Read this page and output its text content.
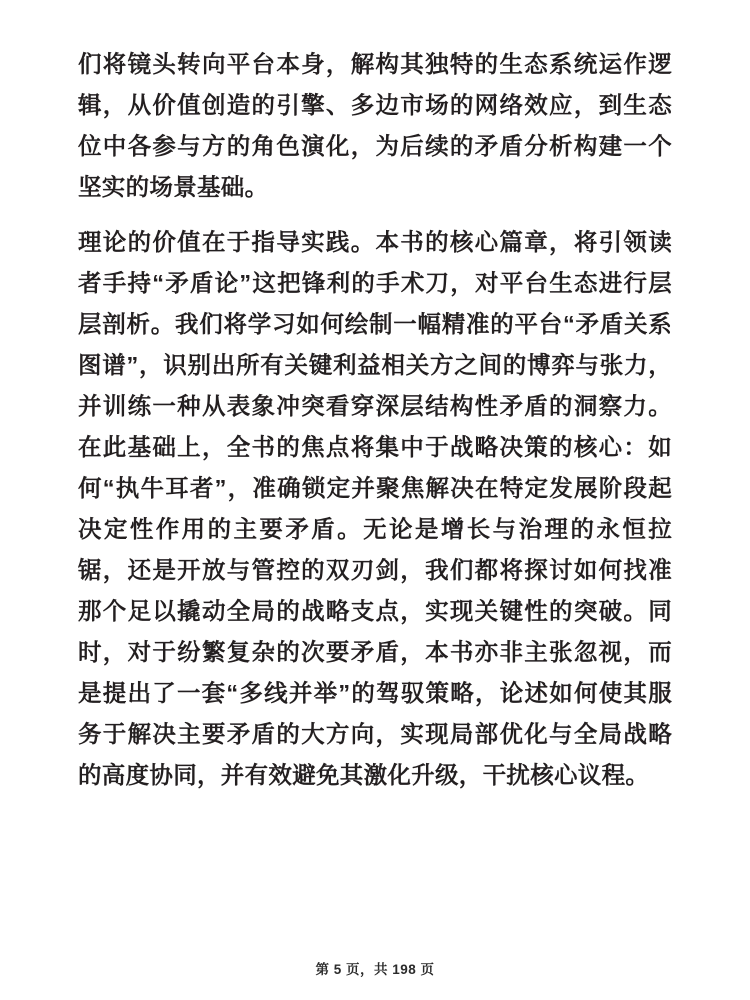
们将镜头转向平台本身，解构其独特的生态系统运作逻辑，从价值创造的引擎、多边市场的网络效应，到生态位中各参与方的角色演化，为后续的矛盾分析构建一个坚实的场景基础。

理论的价值在于指导实践。本书的核心篇章，将引领读者手持“矛盾论”这把锋利的手术刀，对平台生态进行层层剖析。我们将学习如何绘制一幅精准的平台“矛盾关系图谱”，识别出所有关键利益相关方之间的博弈与张力，并训练一种从表象冲突看穿深层结构性矛盾的洞察力。在此基础上，全书的焦点将集中于战略决策的核心：如何“执牛耳者”，准确锁定并聚焦解决在特定发展阶段起决定性作用的主要矛盾。无论是增长与治理的永恒拉锯，还是开放与管控的双刃剑，我们都将探讨如何找准那个足以撬动全局的战略支点，实现关键性的突破。同时，对于纷繁复杂的次要矛盾，本书亦非主张忽视，而是提出了一套“多线并举”的驾驭策略，论述如何使其服务于解决主要矛盾的大方向，实现局部优化与全局战略的高度协同，并有效避免其激化升级，干扰核心议程。

第 5 页，共 198 页
